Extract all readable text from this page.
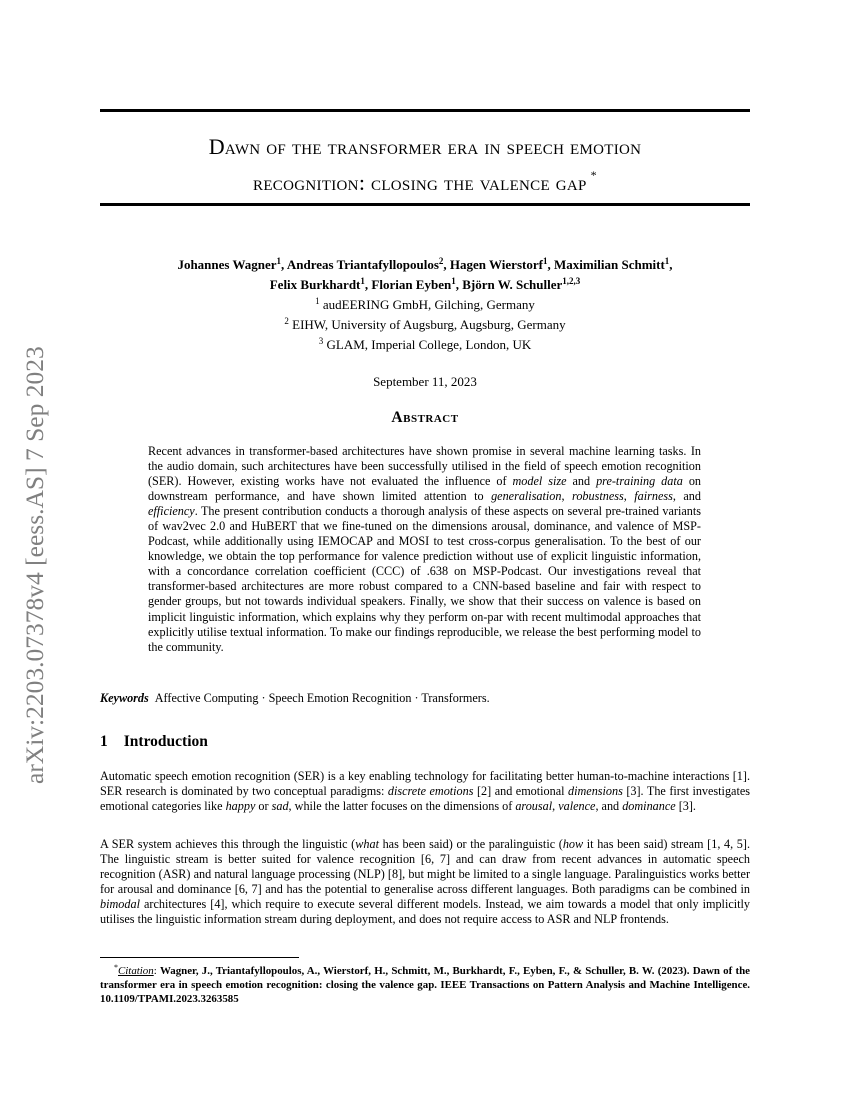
arXiv:2203.07378v4 [eess.AS] 7 Sep 2023
Dawn of the transformer era in speech emotion
recognition: closing the valence gap *
Johannes Wagner$^1$, Andreas Triantafyllopoulos$^2$, Hagen Wierstorf$^1$, Maximilian Schmitt$^1$,
Felix Burkhardt$^1$, Florian Eyben$^1$, Björn W. Schuller$^{1,2,3}$
$^1$ audEERING GmbH, Gilching, Germany
$^2$ EIHW, University of Augsburg, Augsburg, Germany
$^3$ GLAM, Imperial College, London, UK
September 11, 2023
Abstract
Recent advances in transformer-based architectures have shown promise in several machine learning tasks. In the audio domain, such architectures have been successfully utilised in the field of speech emotion recognition (SER). However, existing works have not evaluated the influence of model size and pre-training data on downstream performance, and have shown limited attention to generalisation, robustness, fairness, and efficiency. The present contribution conducts a thorough analysis of these aspects on several pre-trained variants of wav2vec 2.0 and HuBERT that we fine-tuned on the dimensions arousal, dominance, and valence of MSP-Podcast, while additionally using IEMOCAP and MOSI to test cross-corpus generalisation. To the best of our knowledge, we obtain the top performance for valence prediction without use of explicit linguistic information, with a concordance correlation coefficient (CCC) of .638 on MSP-Podcast. Our investigations reveal that transformer-based architectures are more robust compared to a CNN-based baseline and fair with respect to gender groups, but not towards individual speakers. Finally, we show that their success on valence is based on implicit linguistic information, which explains why they perform on-par with recent multimodal approaches that explicitly utilise textual information. To make our findings reproducible, we release the best performing model to the community.
Keywords Affective Computing · Speech Emotion Recognition · Transformers.
1 Introduction
Automatic speech emotion recognition (SER) is a key enabling technology for facilitating better human-to-machine interactions [1]. SER research is dominated by two conceptual paradigms: discrete emotions [2] and emotional dimensions [3]. The first investigates emotional categories like happy or sad, while the latter focuses on the dimensions of arousal, valence, and dominance [3].
A SER system achieves this through the linguistic (what has been said) or the paralinguistic (how it has been said) stream [1, 4, 5]. The linguistic stream is better suited for valence recognition [6, 7] and can draw from recent advances in automatic speech recognition (ASR) and natural language processing (NLP) [8], but might be limited to a single language. Paralinguistics works better for arousal and dominance [6, 7] and has the potential to generalise across different languages. Both paradigms can be combined in bimodal architectures [4], which require to execute several different models. Instead, we aim towards a model that only implicitly utilises the linguistic information stream during deployment, and does not require access to ASR and NLP frontends.
*Citation: Wagner, J., Triantafyllopoulos, A., Wierstorf, H., Schmitt, M., Burkhardt, F., Eyben, F., & Schuller, B. W. (2023). Dawn of the transformer era in speech emotion recognition: closing the valence gap. IEEE Transactions on Pattern Analysis and Machine Intelligence. 10.1109/TPAMI.2023.3263585
